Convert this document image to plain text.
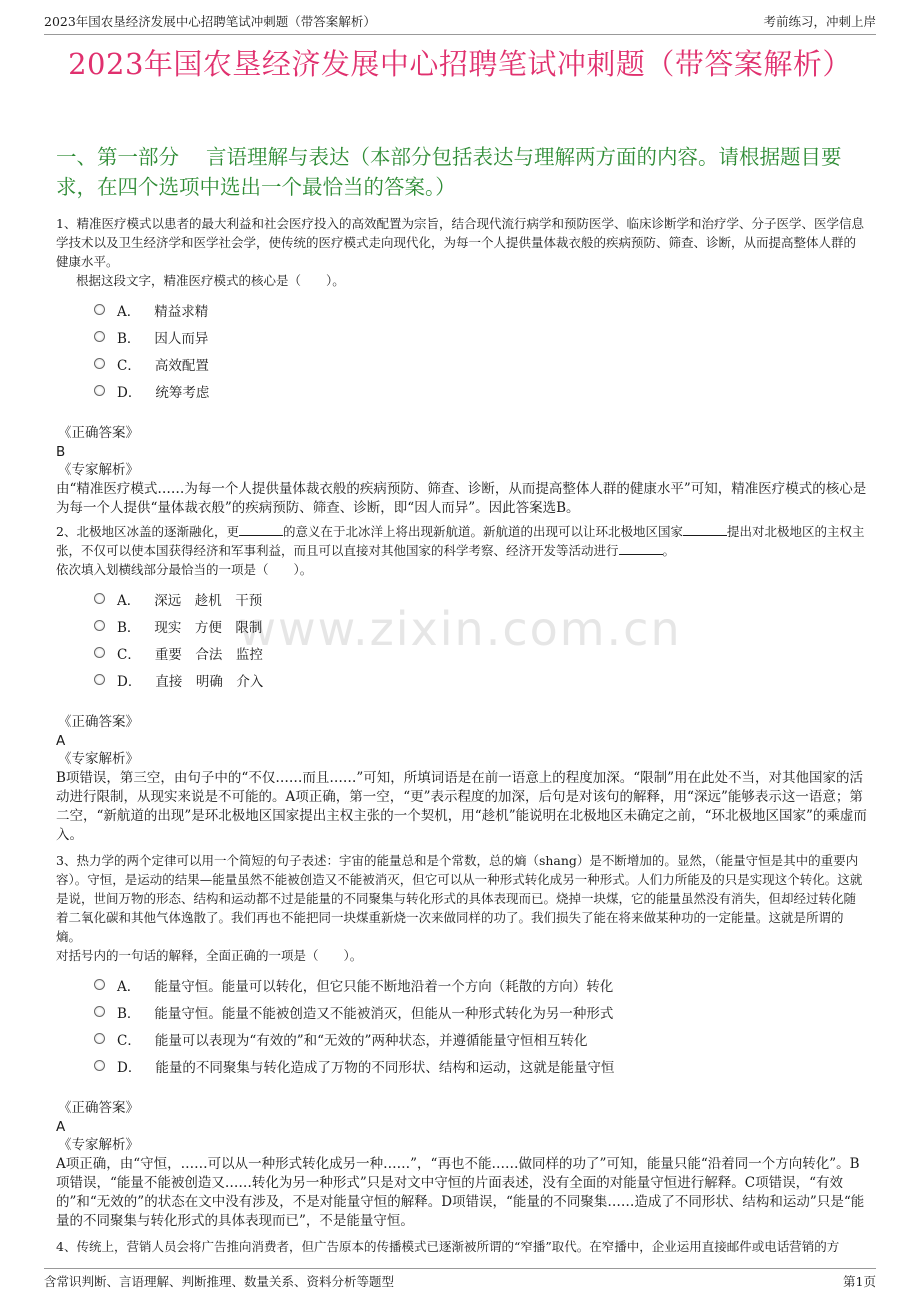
2023年国农垦经济发展中心招聘笔试冲刺题（带答案解析）	考前练习，冲刺上岸
2023年国农垦经济发展中心招聘笔试冲刺题（带答案解析）
www.zixin.com.cn
一、第一部分　 言语理解与表达（本部分包括表达与理解两方面的内容。请根据题目要求，在四个选项中选出一个最恰当的答案。）

1、精准医疗模式以患者的最大利益和社会医疗投入的高效配置为宗旨，结合现代流行病学和预防医学、临床诊断学和治疗学、分子医学、医学信息学技术以及卫生经济学和医学社会学，使传统的医疗模式走向现代化，为每一个人提供量体裁衣般的疾病预防、筛查、诊断，从而提高整体人群的健康水平。

根据这段文字，精准医疗模式的核心是（　　）。

A． 精益求精
B． 因人而异
C． 高效配置
D． 统筹考虑

《正确答案》

B

《专家解析》

由“精准医疗模式……为每一个人提供量体裁衣般的疾病预防、筛查、诊断，从而提高整体人群的健康水平”可知，精准医疗模式的核心是为每一个人提供“量体裁衣般”的疾病预防、筛查、诊断，即“因人而异”。因此答案选B。

2、北极地区冰盖的逐渐融化，更	的意义在于北冰洋上将出现新航道。新航道的出现可以让环北极地区国家	提出对北极地区的主权主张，不仅可以使本国获得经济和军事利益，而且可以直接对其他国家的科学考察、经济开发等活动进行	。

依次填入划横线部分最恰当的一项是（　　）。

A． 深远　趁机　干预
B． 现实　方便　限制
C． 重要　合法　监控
D． 直接　明确　介入

《正确答案》

A

《专家解析》

B项错误，第三空，由句子中的“不仅……而且……”可知，所填词语是在前一语意上的程度加深。“限制”用在此处不当，对其他国家的活动进行限制，从现实来说是不可能的。A项正确，第一空，“更”表示程度的加深，后句是对该句的解释，用“深远”能够表示这一语意；第二空，“新航道的出现”是环北极地区国家提出主权主张的一个契机，用“趁机”能说明在北极地区未确定之前，“环北极地区国家”的乘虚而入。

3、热力学的两个定律可以用一个简短的句子表述：宇宙的能量总和是个常数，总的熵（shang）是不断增加的。显然，（能量守恒是其中的重要内容）。守恒，是运动的结果—能量虽然不能被创造又不能被消灭，但它可以从一种形式转化成另一种形式。人们力所能及的只是实现这个转化。这就是说，世间万物的形态、结构和运动都不过是能量的不同聚集与转化形式的具体表现而已。烧掉一块煤，它的能量虽然没有消失，但却经过转化随着二氧化碳和其他气体逸散了。我们再也不能把同一块煤重新烧一次来做同样的功了。我们损失了能在将来做某种功的一定能量。这就是所谓的熵。

对括号内的一句话的解释，全面正确的一项是（　　）。

A． 能量守恒。能量可以转化，但它只能不断地沿着一个方向（耗散的方向）转化
B． 能量守恒。能量不能被创造又不能被消灭，但能从一种形式转化为另一种形式
C． 能量可以表现为“有效的”和“无效的”两种状态，并遵循能量守恒相互转化
D． 能量的不同聚集与转化造成了万物的不同形状、结构和运动，这就是能量守恒

《正确答案》

A

《专家解析》

A项正确，由“守恒，……可以从一种形式转化成另一种……”，“再也不能……做同样的功了”可知，能量只能“沿着同一个方向转化”。B项错误，“能量不能被创造又……转化为另一种形式”只是对文中守恒的片面表述，没有全面的对能量守恒进行解释。C项错误，“有效的”和“无效的”的状态在文中没有涉及，不是对能量守恒的解释。D项错误，“能量的不同聚集……造成了不同形状、结构和运动”只是“能量的不同聚集与转化形式的具体表现而已”，不是能量守恒。

4、传统上，营销人员会将广告推向消费者，但广告原本的传播模式已逐渐被所谓的“窄播”取代。在窄播中，企业运用直接邮件或电话营销的方

含常识判断、言语理解、判断推理、数量关系、资料分析等题型	第1页
